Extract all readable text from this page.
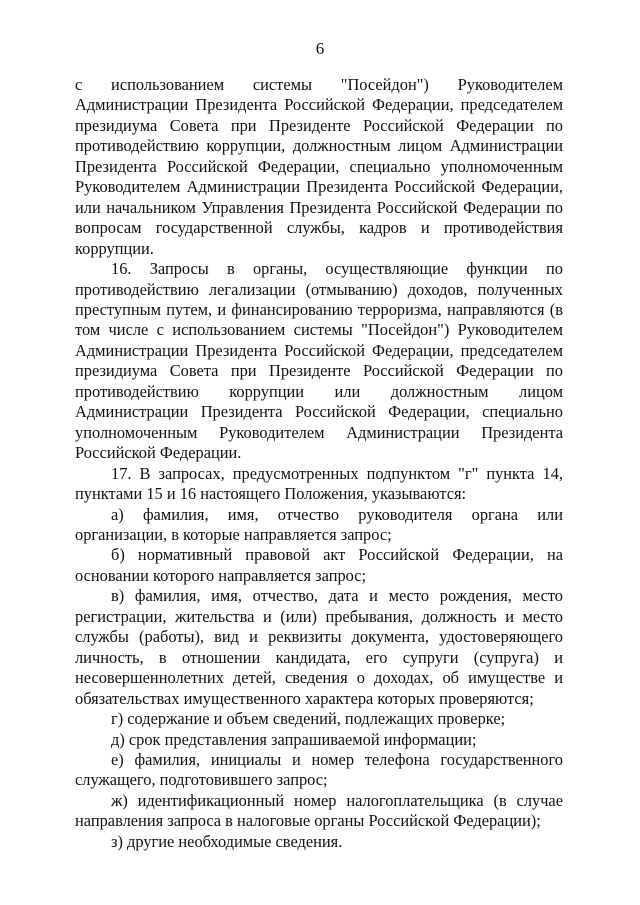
6

с использованием системы "Посейдон") Руководителем Администрации Президента Российской Федерации, председателем президиума Совета при Президенте Российской Федерации по противодействию коррупции, должностным лицом Администрации Президента Российской Федерации, специально уполномоченным Руководителем Администрации Президента Российской Федерации, или начальником Управления Президента Российской Федерации по вопросам государственной службы, кадров и противодействия коррупции.

16. Запросы в органы, осуществляющие функции по противодействию легализации (отмыванию) доходов, полученных преступным путем, и финансированию терроризма, направляются (в том числе с использованием системы "Посейдон") Руководителем Администрации Президента Российской Федерации, председателем президиума Совета при Президенте Российской Федерации по противодействию коррупции или должностным лицом Администрации Президента Российской Федерации, специально уполномоченным Руководителем Администрации Президента Российской Федерации.

17. В запросах, предусмотренных подпунктом "г" пункта 14, пунктами 15 и 16 настоящего Положения, указываются:

а) фамилия, имя, отчество руководителя органа или организации, в которые направляется запрос;

б) нормативный правовой акт Российской Федерации, на основании которого направляется запрос;

в) фамилия, имя, отчество, дата и место рождения, место регистрации, жительства и (или) пребывания, должность и место службы (работы), вид и реквизиты документа, удостоверяющего личность, в отношении кандидата, его супруги (супруга) и несовершеннолетних детей, сведения о доходах, об имуществе и обязательствах имущественного характера которых проверяются;

г) содержание и объем сведений, подлежащих проверке;

д) срок представления запрашиваемой информации;

е) фамилия, инициалы и номер телефона государственного служащего, подготовившего запрос;

ж) идентификационный номер налогоплательщика (в случае направления запроса в налоговые органы Российской Федерации);

з) другие необходимые сведения.
